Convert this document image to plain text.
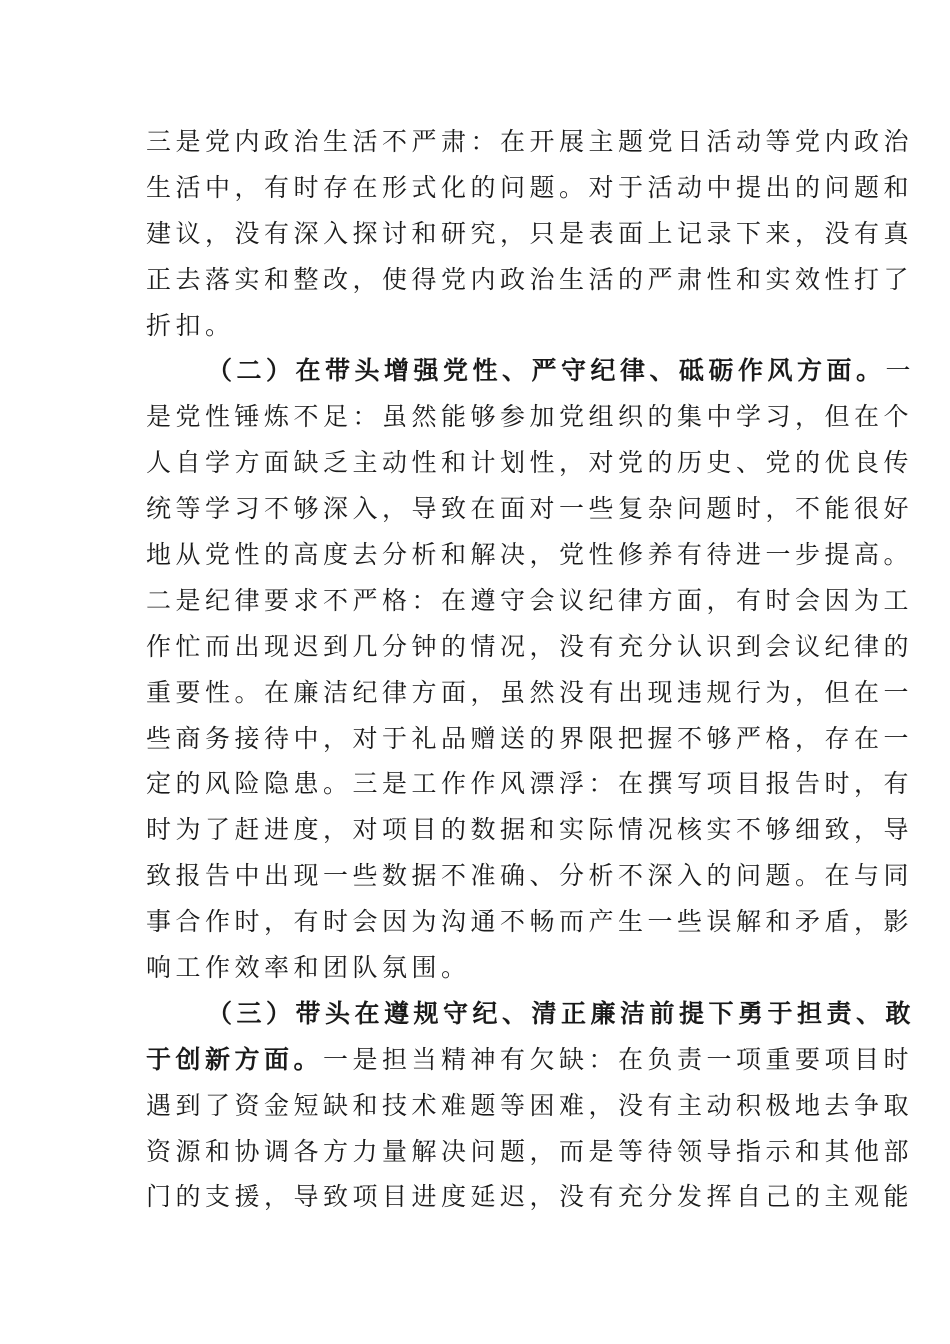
三是党内政治生活不严肃：在开展主题党日活动等党内政治
生活中，有时存在形式化的问题。对于活动中提出的问题和
建议，没有深入探讨和研究，只是表面上记录下来，没有真
正去落实和整改，使得党内政治生活的严肃性和实效性打了
折扣。
（二）在带头增强党性、严守纪律、砥砺作风方面。一
是党性锤炼不足：虽然能够参加党组织的集中学习，但在个
人自学方面缺乏主动性和计划性，对党的历史、党的优良传
统等学习不够深入，导致在面对一些复杂问题时，不能很好
地从党性的高度去分析和解决，党性修养有待进一步提高。
二是纪律要求不严格：在遵守会议纪律方面，有时会因为工
作忙而出现迟到几分钟的情况，没有充分认识到会议纪律的
重要性。在廉洁纪律方面，虽然没有出现违规行为，但在一
些商务接待中，对于礼品赠送的界限把握不够严格，存在一
定的风险隐患。三是工作作风漂浮：在撰写项目报告时，有
时为了赶进度，对项目的数据和实际情况核实不够细致，导
致报告中出现一些数据不准确、分析不深入的问题。在与同
事合作时，有时会因为沟通不畅而产生一些误解和矛盾，影
响工作效率和团队氛围。
（三）带头在遵规守纪、清正廉洁前提下勇于担责、敢
于创新方面。一是担当精神有欠缺：在负责一项重要项目时
遇到了资金短缺和技术难题等困难，没有主动积极地去争取
资源和协调各方力量解决问题，而是等待领导指示和其他部
门的支援，导致项目进度延迟，没有充分发挥自己的主观能
